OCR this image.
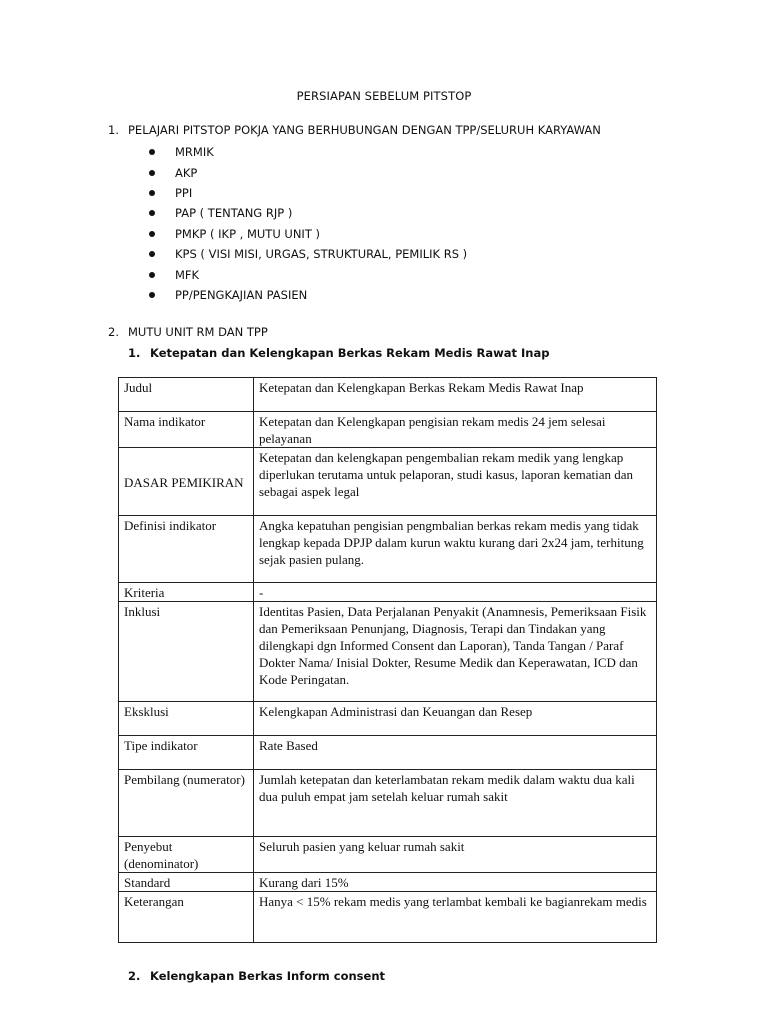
PERSIAPAN SEBELUM PITSTOP
1. PELAJARI PITSTOP POKJA YANG BERHUBUNGAN DENGAN TPP/SELURUH KARYAWAN
MRMIK
AKP
PPI
PAP ( TENTANG RJP )
PMKP ( IKP , MUTU UNIT )
KPS ( VISI MISI, URGAS, STRUKTURAL, PEMILIK RS )
MFK
PP/PENGKAJIAN PASIEN
2. MUTU UNIT RM DAN TPP
1. Ketepatan dan Kelengkapan Berkas Rekam Medis Rawat Inap
Judul	Ketepatan dan Kelengkapan Berkas Rekam Medis Rawat Inap
Nama indikator	Ketepatan dan Kelengkapan pengisian rekam medis 24 jem selesai pelayanan
DASAR PEMIKIRAN	Ketepatan dan kelengkapan pengembalian rekam medik yang lengkap diperlukan terutama untuk pelaporan, studi kasus, laporan kematian dan sebagai aspek legal
Definisi indikator	Angka kepatuhan pengisian pengmbalian berkas rekam medis yang tidak lengkap kepada DPJP dalam kurun waktu kurang dari 2x24 jam, terhitung sejak pasien pulang.
Kriteria	-
Inklusi	Identitas Pasien, Data Perjalanan Penyakit (Anamnesis, Pemeriksaan Fisik dan Pemeriksaan Penunjang, Diagnosis, Terapi dan Tindakan yang dilengkapi dgn Informed Consent dan Laporan), Tanda Tangan / Paraf Dokter Nama/ Inisial Dokter, Resume Medik dan Keperawatan, ICD dan Kode Peringatan.
Eksklusi	Kelengkapan Administrasi dan Keuangan dan Resep
Tipe indikator	Rate Based
Pembilang (numerator)	Jumlah ketepatan dan keterlambatan rekam medik dalam waktu dua kali dua puluh empat jam setelah keluar rumah sakit
Penyebut (denominator)	Seluruh pasien yang keluar rumah sakit
Standard	Kurang dari 15%
Keterangan	Hanya < 15% rekam medis yang terlambat kembali ke bagianrekam medis
2. Kelengkapan Berkas Inform consent
